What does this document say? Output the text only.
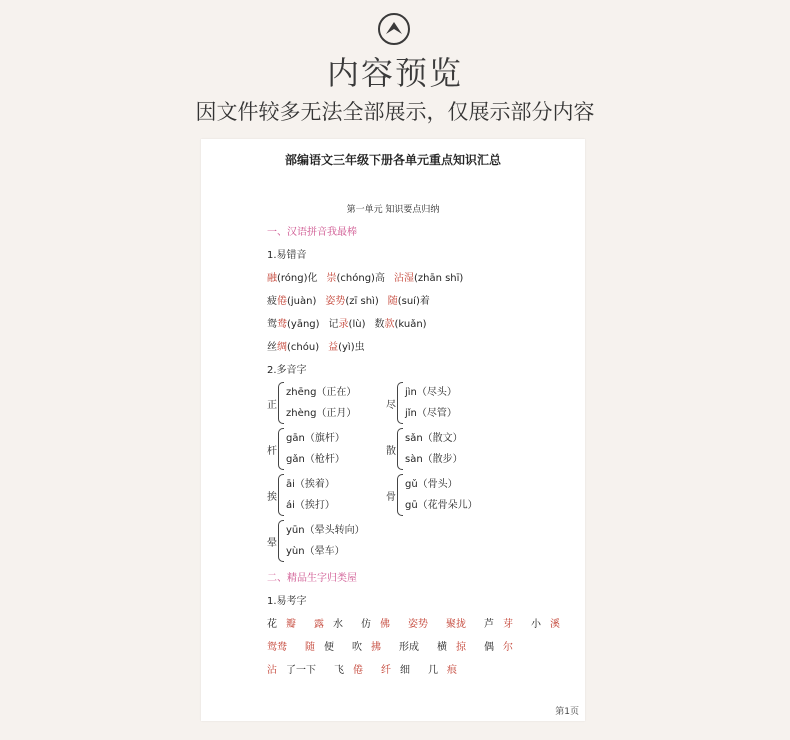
内容预览
因文件较多无法全部展示，仅展示部分内容
部编语文三年级下册各单元重点知识汇总
第一单元 知识要点归纳
一、汉语拼音我最棒
1.易错音
融(róng)化 崇(chóng)高 沾湿(zhān shī)
疲倦(juàn) 姿势(zī shì) 随(suí)着
鸳鸯(yāng) 记录(lù) 数款(kuǎn)
丝绸(chóu) 益(yì)虫
2.多音字
正
zhēng（正在）
zhèng（正月）
尽
jìn（尽头）
jǐn（尽管）
杆
gān（旗杆）
gǎn（枪杆）
散
sǎn（散文）
sàn（散步）
挨
āi（挨着）
ái（挨打）
骨
gǔ（骨头）
gū（花骨朵儿）
晕
yūn（晕头转向）
yùn（晕车）
二、精品生字归类屋
1.易考字
花 瓣 露 水 仿 佛 姿势 聚拢 芦 芽 小 溪
鸳鸯 随 便 吹 拂 形成 横 掠 偶 尔
沾 了一下 飞 倦 纤 细 几 痕
第1页
